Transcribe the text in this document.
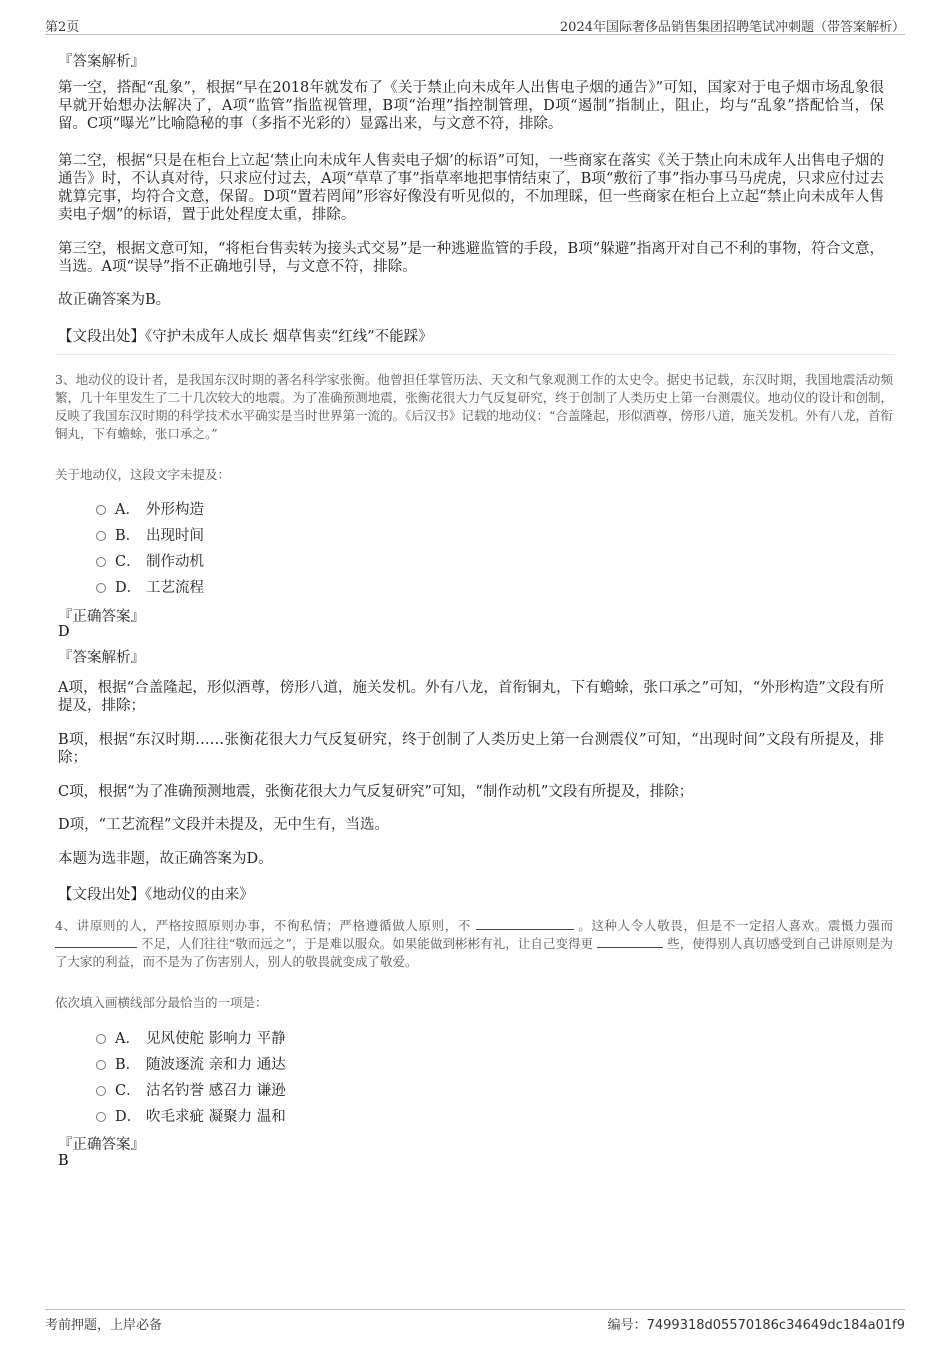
第2页	2024年国际奢侈品销售集团招聘笔试冲刺题（带答案解析）
『答案解析』
第一空，搭配“乱象”，根据“早在2018年就发布了《关于禁止向未成年人出售电子烟的通告》”可知，国家对于电子烟市场乱象很早就开始想办法解决了，A项“监管”指监视管理，B项“治理”指控制管理，D项“遏制”指制止，阻止，均与“乱象”搭配恰当，保留。C项“曝光”比喻隐秘的事（多指不光彩的）显露出来，与文意不符，排除。
第二空，根据“只是在柜台上立起‘禁止向未成年人售卖电子烟’的标语”可知，一些商家在落实《关于禁止向未成年人出售电子烟的通告》时，不认真对待，只求应付过去，A项“草草了事”指草率地把事情结束了，B项“敷衍了事”指办事马马虎虎，只求应付过去就算完事，均符合文意，保留。D项“置若罔闻”形容好像没有听见似的，不加理睬，但一些商家在柜台上立起“禁止向未成年人售卖电子烟”的标语，置于此处程度太重，排除。
第三空，根据文意可知，“将柜台售卖转为接头式交易”是一种逃避监管的手段，B项“躲避”指离开对自己不利的事物，符合文意，当选。A项“误导”指不正确地引导，与文意不符，排除。
故正确答案为B。
【文段出处】《守护未成年人成长 烟草售卖“红线”不能踩》
3、地动仪的设计者，是我国东汉时期的著名科学家张衡。他曾担任掌管历法、天文和气象观测工作的太史令。据史书记载，东汉时期，我国地震活动频繁，几十年里发生了二十几次较大的地震。为了准确预测地震，张衡花很大力气反复研究，终于创制了人类历史上第一台测震仪。地动仪的设计和创制，反映了我国东汉时期的科学技术水平确实是当时世界第一流的。《后汉书》记载的地动仪：“合盖隆起，形似酒尊，傍形八道，施关发机。外有八龙，首衔铜丸，下有蟾蜍，张口承之。”
关于地动仪，这段文字未提及：
A． 外形构造
B． 出现时间
C． 制作动机
D． 工艺流程
『正确答案』
D
『答案解析』
A项，根据“合盖隆起，形似酒尊，傍形八道，施关发机。外有八龙，首衔铜丸，下有蟾蜍，张口承之”可知，“外形构造”文段有所提及，排除；
B项，根据“东汉时期……张衡花很大力气反复研究，终于创制了人类历史上第一台测震仪”可知，“出现时间”文段有所提及，排除；
C项，根据“为了准确预测地震，张衡花很大力气反复研究”可知，“制作动机”文段有所提及，排除；
D项，“工艺流程”文段并未提及，无中生有，当选。
本题为选非题，故正确答案为D。
【文段出处】《地动仪的由来》
4、讲原则的人，严格按照原则办事，不徇私情；严格遵循做人原则，不	。这种人令人敬畏，但是不一定招人喜欢。震慑力强而  不足，人们往往“敬而远之”，于是难以服众。如果能做到彬彬有礼，让自己变得更	些，使得别人真切感受到自己讲原则是为了大家的利益，而不是为了伤害别人，别人的敬畏就变成了敬爱。
依次填入画横线部分最恰当的一项是：
A． 见风使舵 影响力 平静
B． 随波逐流 亲和力 通达
C． 沽名钓誉 感召力 谦逊
D． 吹毛求疵 凝聚力 温和
『正确答案』
B
考前押题，上岸必备	编号：7499318d05570186c34649dc184a01f9
